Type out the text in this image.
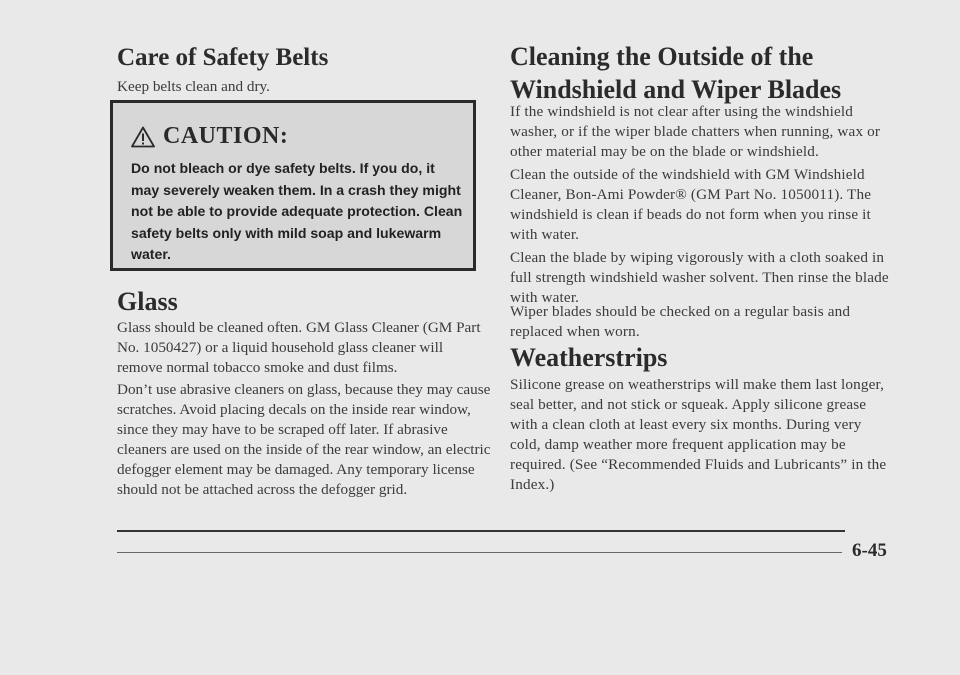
Care of Safety Belts

Keep belts clean and dry.

CAUTION:
Do not bleach or dye safety belts. If you do, it may severely weaken them. In a crash they might not be able to provide adequate protection. Clean safety belts only with mild soap and lukewarm water.
Glass

Glass should be cleaned often. GM Glass Cleaner (GM Part No. 1050427) or a liquid household glass cleaner will remove normal tobacco smoke and dust films.

Don’t use abrasive cleaners on glass, because they may cause scratches. Avoid placing decals on the inside rear window, since they may have to be scraped off later. If abrasive cleaners are used on the inside of the rear window, an electric defogger element may be damaged. Any temporary license should not be attached across the defogger grid.

Cleaning the Outside of the Windshield and Wiper Blades

If the windshield is not clear after using the windshield washer, or if the wiper blade chatters when running, wax or other material may be on the blade or windshield.

Clean the outside of the windshield with GM Windshield Cleaner, Bon-Ami Powder® (GM Part No. 1050011). The windshield is clean if beads do not form when you rinse it with water.

Clean the blade by wiping vigorously with a cloth soaked in full strength windshield washer solvent. Then rinse the blade with water.

Wiper blades should be checked on a regular basis and replaced when worn.

Weatherstrips

Silicone grease on weatherstrips will make them last longer, seal better, and not stick or squeak. Apply silicone grease with a clean cloth at least every six months. During very cold, damp weather more frequent application may be required. (See “Recommended Fluids and Lubricants” in the Index.)

6-45
